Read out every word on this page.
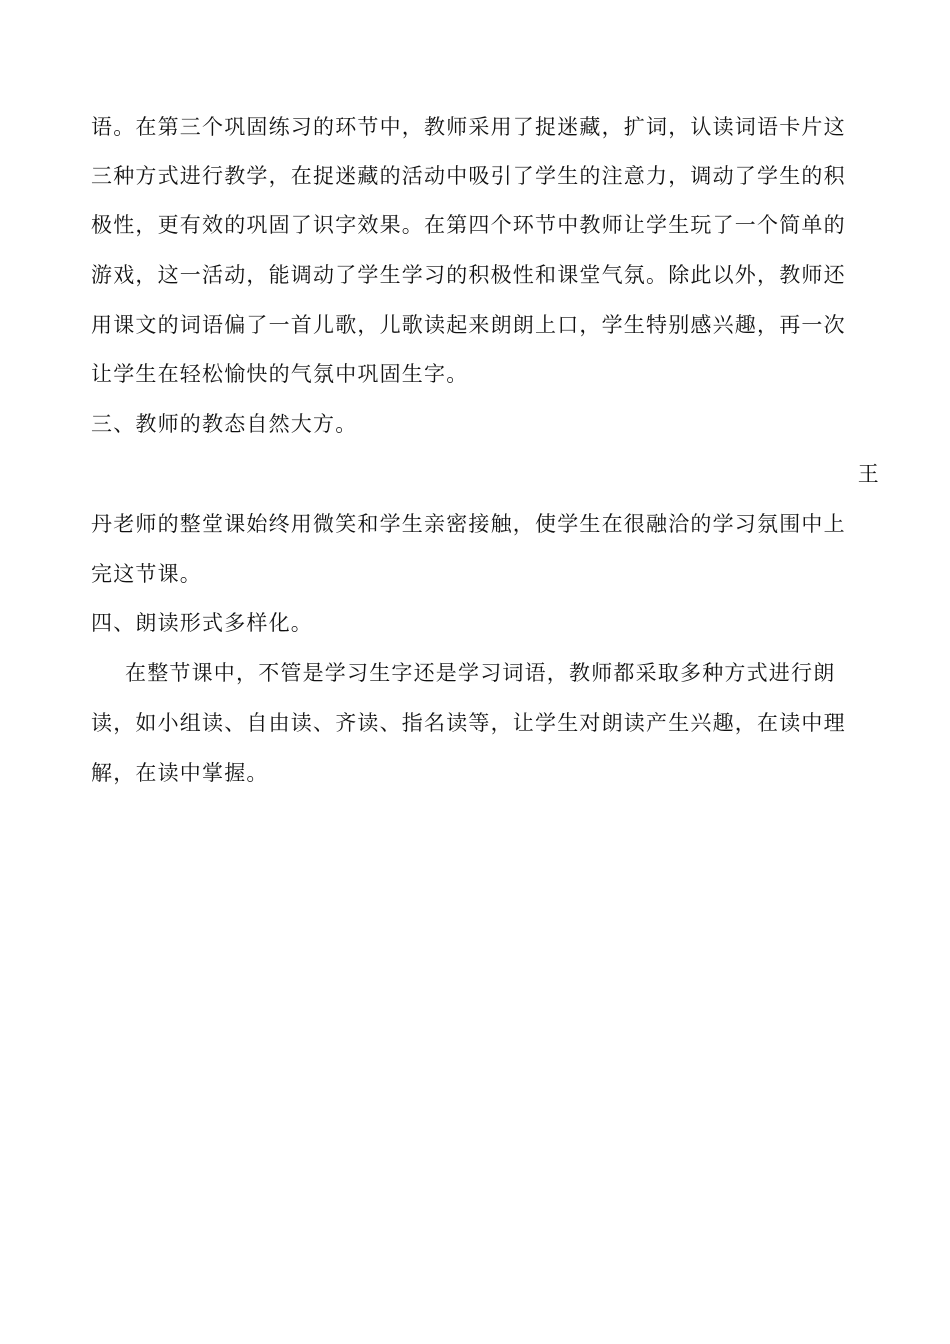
语。在第三个巩固练习的环节中，教师采用了捉迷藏，扩词，认读词语卡片这
三种方式进行教学，在捉迷藏的活动中吸引了学生的注意力，调动了学生的积
极性，更有效的巩固了识字效果。在第四个环节中教师让学生玩了一个简单的
游戏，这一活动，能调动了学生学习的积极性和课堂气氛。除此以外，教师还
用课文的词语偏了一首儿歌，儿歌读起来朗朗上口，学生特别感兴趣，再一次
让学生在轻松愉快的气氛中巩固生字。
三、教师的教态自然大方。
王
丹老师的整堂课始终用微笑和学生亲密接触，使学生在很融洽的学习氛围中上
完这节课。
四、朗读形式多样化。
在整节课中，不管是学习生字还是学习词语，教师都采取多种方式进行朗
读，如小组读、自由读、齐读、指名读等，让学生对朗读产生兴趣，在读中理
解，在读中掌握。
